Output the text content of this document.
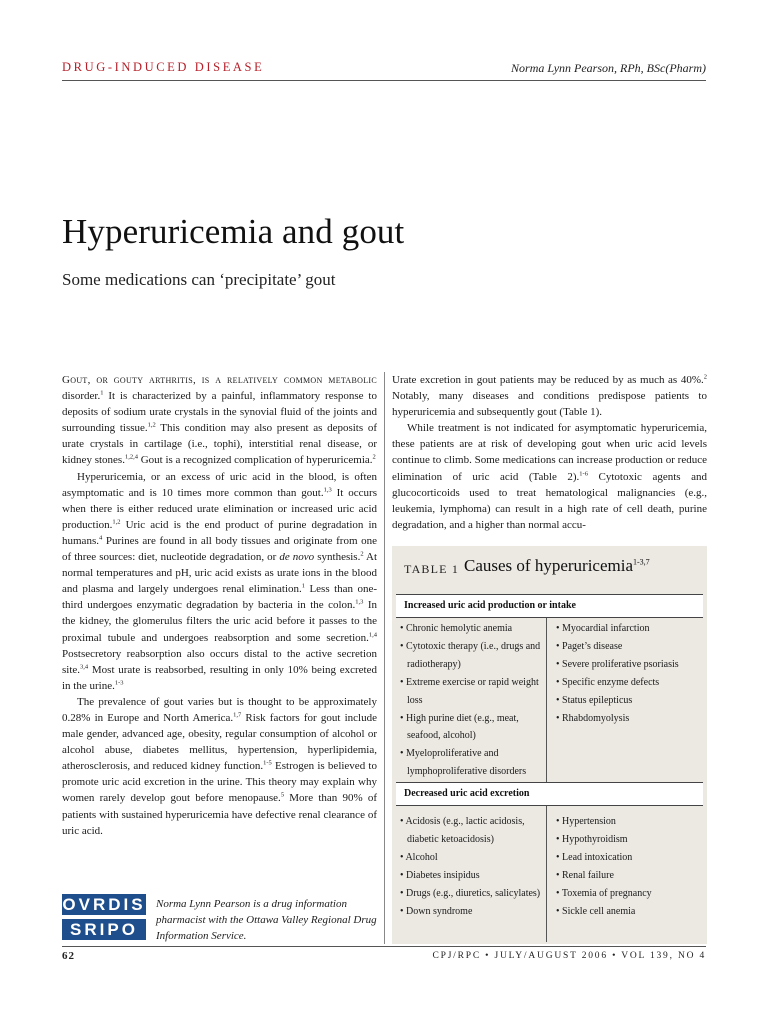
DRUG-INDUCED DISEASE	Norma Lynn Pearson, RPh, BSc(Pharm)
Hyperuricemia and gout
Some medications can ‘precipitate’ gout

Gout, or gouty arthritis, is a relatively common metabolic disorder.$^1$ It is characterized by a painful, inflammatory response to deposits of sodium urate crystals in the synovial fluid of the joints and surrounding tissue.$^{1,2}$ This condition may also present as deposits of urate crystals in cartilage (i.e., tophi), interstitial renal disease, or kidney stones.$^{1,2,4}$ Gout is a recognized complication of hyperuricemia.$^2$

Hyperuricemia, or an excess of uric acid in the blood, is often asymptomatic and is 10 times more common than gout.$^{1,3}$ It occurs when there is either reduced urate elimination or increased uric acid production.$^{1,2}$ Uric acid is the end product of purine degradation in humans.$^4$ Purines are found in all body tissues and originate from one of three sources: diet, nucleotide degradation, or de novo synthesis.$^2$ At normal temperatures and pH, uric acid exists as urate ions in the blood and plasma and largely undergoes renal elimination.$^1$ Less than one-third undergoes enzymatic degradation by bacteria in the colon.$^{1,3}$ In the kidney, the glomerulus filters the uric acid before it passes to the proximal tubule and undergoes reabsorption and some secretion.$^{1,4}$ Postsecretory reabsorption also occurs distal to the active secretion site.$^{3,4}$ Most urate is reabsorbed, resulting in only 10% being excreted in the urine.$^{1-3}$

The prevalence of gout varies but is thought to be approximately 0.28% in Europe and North America.$^{1,7}$ Risk factors for gout include male gender, advanced age, obesity, regular consumption of alcohol or alcohol abuse, diabetes mellitus, hypertension, hyperlipidemia, atherosclerosis, and reduced kidney function.$^{1-5}$ Estrogen is believed to promote uric acid excretion in the urine. This theory may explain why women rarely develop gout before menopause.$^5$ More than 90% of patients with sustained hyperuricemia have defective renal clearance of uric acid.

OVRDIS
SRIPO
Norma Lynn Pearson is a drug information pharmacist with the Ottawa Valley Regional Drug Information Service.

Urate excretion in gout patients may be reduced by as much as 40%.$^2$ Notably, many diseases and conditions predispose patients to hyperuricemia and subsequently gout (Table 1).

While treatment is not indicated for asymptomatic hyperuricemia, these patients are at risk of developing gout when uric acid levels continue to climb. Some medications can increase production or reduce elimination of uric acid (Table 2).$^{1-6}$ Cytotoxic agents and glucocorticoids used to treat hematological malignancies (e.g., leukemia, lymphoma) can result in a high rate of cell death, purine degradation, and a higher than normal accu-

TABLE 1 Causes of hyperuricemia$^{1-3,7}$
Increased uric acid production or intake
• Chronic hemolytic anemia
• Cytotoxic therapy (i.e., drugs and radiotherapy)
• Extreme exercise or rapid weight loss
• High purine diet (e.g., meat, seafood, alcohol)
• Myeloproliferative and lymphoproliferative disorders
• Myocardial infarction
• Paget’s disease
• Severe proliferative psoriasis
• Specific enzyme defects
• Status epilepticus
• Rhabdomyolysis
Decreased uric acid excretion
• Acidosis (e.g., lactic acidosis, diabetic ketoacidosis)
• Alcohol
• Diabetes insipidus
• Drugs (e.g., diuretics, salicylates)
• Down syndrome
• Hypertension
• Hypothyroidism
• Lead intoxication
• Renal failure
• Toxemia of pregnancy
• Sickle cell anemia
62	CPJ/RPC • JULY/AUGUST 2006 • VOL 139, NO 4
